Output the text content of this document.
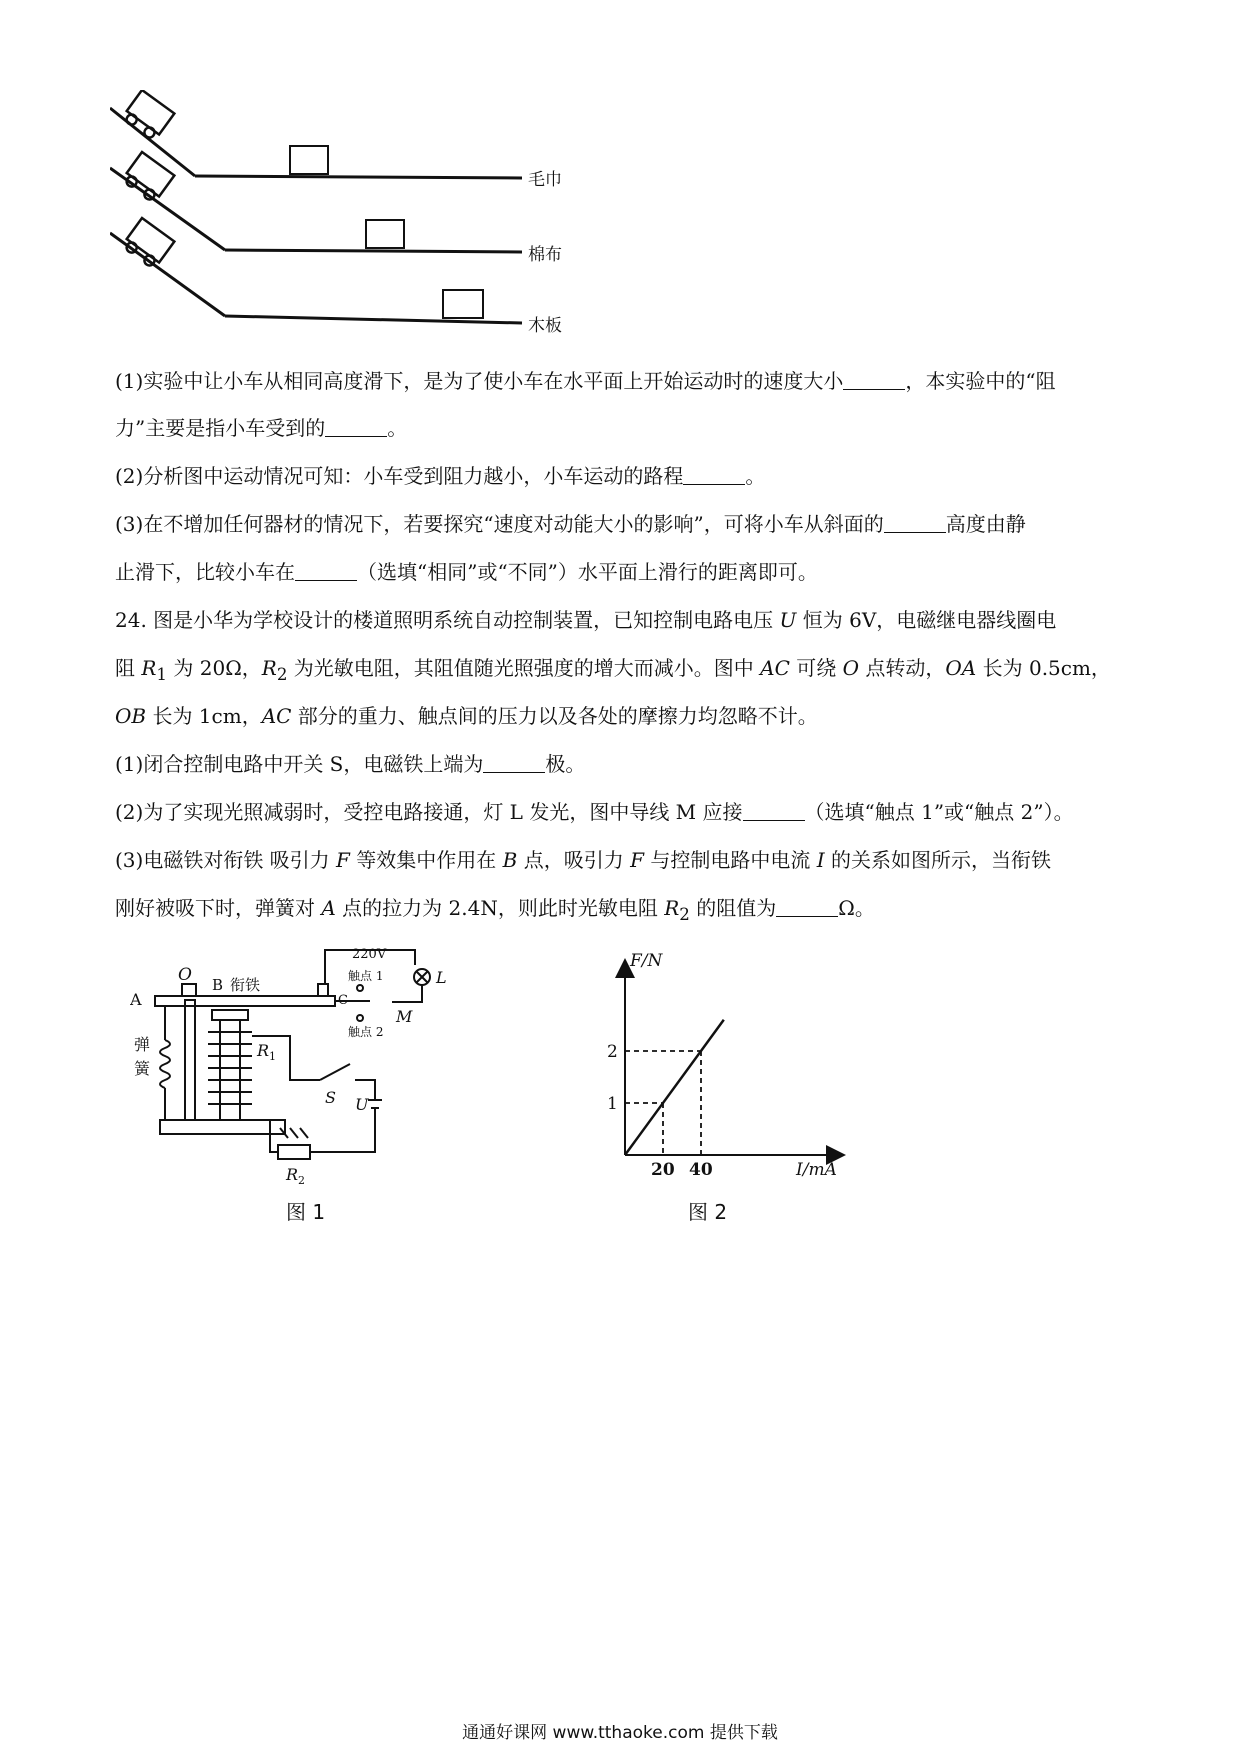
毛巾
棉布
木板
(1)实验中让小车从相同高度滑下，是为了使小车在水平面上开始运动时的速度大小	，本实验中的“阻
力”主要是指小车受到的	。
(2)分析图中运动情况可知：小车受到阻力越小，小车运动的路程	。
(3)在不增加任何器材的情况下，若要探究“速度对动能大小的影响”，可将小车从斜面的	高度由静
止滑下，比较小车在	（选填“相同”或“不同”）水平面上滑行的距离即可。
24. 图是小华为学校设计的楼道照明系统自动控制装置，已知控制电路电压 U 恒为 6V，电磁继电器线圈电
阻 $R_1$ 为 20Ω，$R_2$ 为光敏电阻，其阻值随光照强度的增大而减小。图中 AC 可绕 O 点转动，OA 长为 0.5cm，
OB 长为 1cm，AC 部分的重力、触点间的压力以及各处的摩擦力均忽略不计。
(1)闭合控制电路中开关 S，电磁铁上端为	极。
(2)为了实现光照减弱时，受控电路接通，灯 L 发光，图中导线 M 应接	（选填“触点 1”或“触点 2”）。
(3)电磁铁对衔铁 吸引力 F 等效集中作用在 B 点，吸引力 F 与控制电路中电流 I 的关系如图所示，当衔铁
刚好被吸下时，弹簧对 A 点的拉力为 2.4N，则此时光敏电阻 $R_2$ 的阻值为	Ω。
A
O B 衔铁
弹
簧
$R_1$
S U
$R_2$
220V
触点 1
触点 2
C
L
M
图 1
20 40
1
2
F/N
I/mA
图 2
通通好课网 www.tthaoke.com 提供下载
